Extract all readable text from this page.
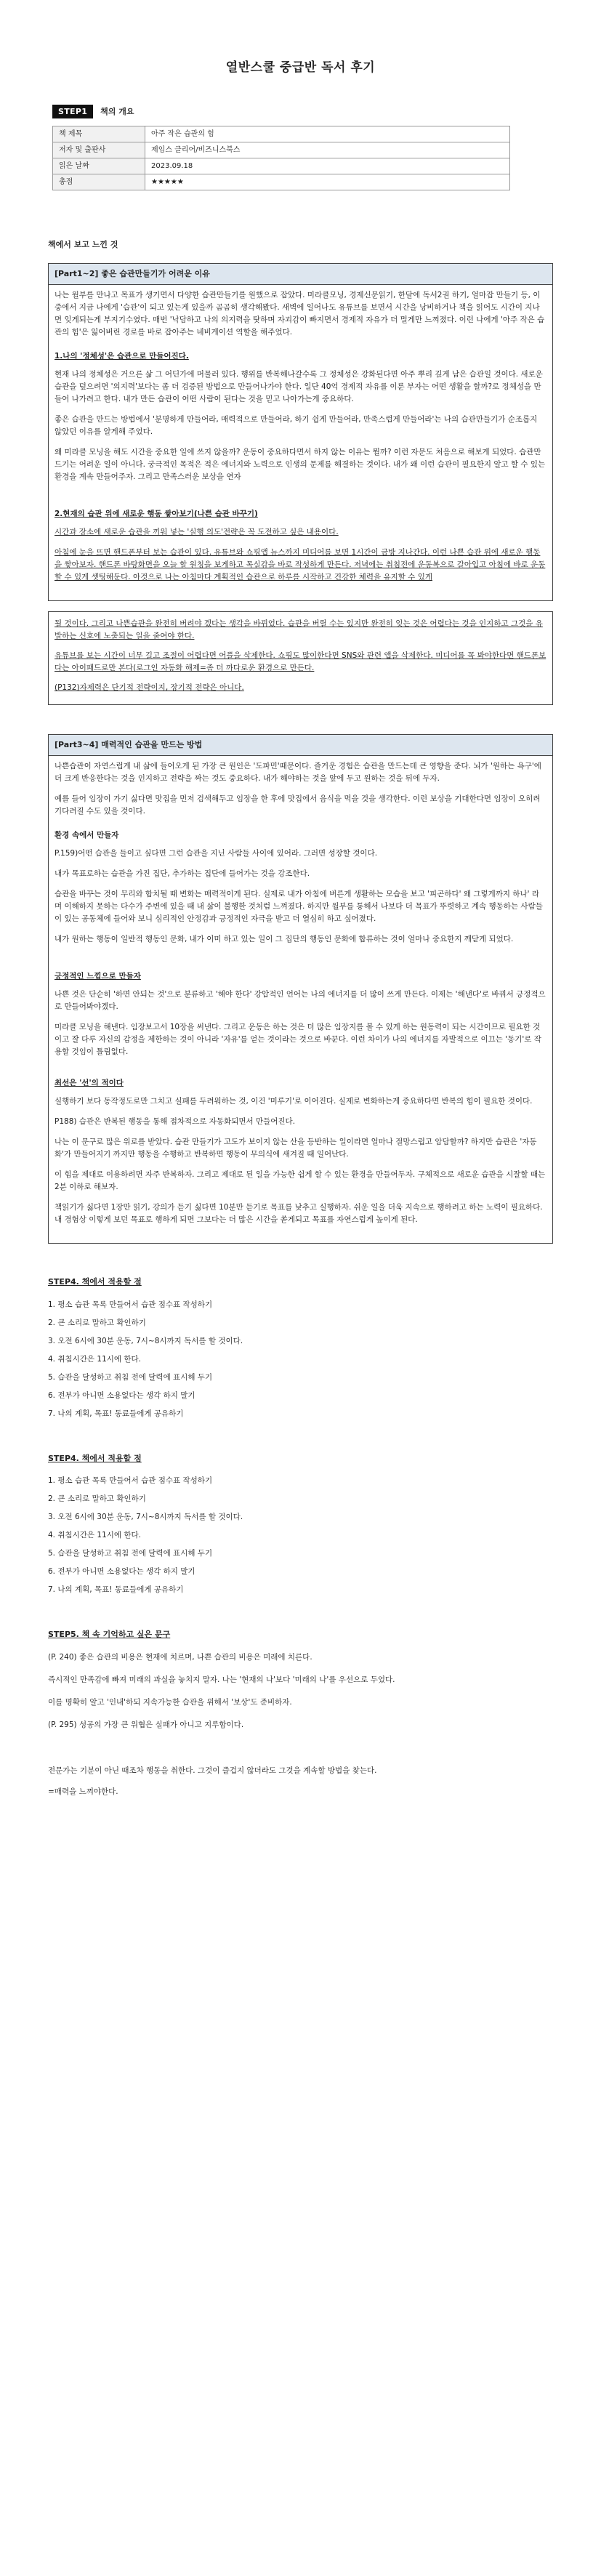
열반스쿨 중급반 독서 후기
STEP1	책의 개요
책 제목	아주 작은 습관의 힘
저자 및 출판사	제임스 클리어/비즈니스북스
읽은 날짜	2023.09.18
총점	★★★★★
책에서 보고 느낀 것
[Part1~2] 좋은 습관만들기가 어려운 이유

나는 월부를 만나고 목표가 생기면서 다양한 습관만들기를 원했으로 잡았다. 미라클모닝, 경제신문읽기, 한달에 독서2권 하기, 얼마잡 만들기 등, 이중에서 지금 나에게 '습관'이 되고 있는게 있을까 곰곰히 생각해봤다. 새벽에 일어나도 유튜브를 보면서 시간을 낭비하거나 책을 읽어도 시간이 지나면 잊게되는게 부지기수였다. 매번 '낙담하고 나의 의지력을 탓하며 자괴감이 빠지면서 경제적 자유가 더 멀게만 느껴졌다. 이런 나에게 '아주 작은 습관의 힘'은 잃어버린 경로를 바로 잡아주는 네비게이션 역할을 해주었다.

1.나의 '정체성'은 습관으로 만들어진다.

현재 나의 정체성은 거으른 삶 그 어딘가에 머물러 있다. 행위를 반복해나갈수록 그 정체성은 강화된다면 아주 뿌리 깊게 남은 습관일 것이다. 새로운 습관을 덮으려면 '의지력'보다는 좀 더 검증된 방법으로 만들어나가야 한다. 일단 40억 경제적 자유를 이룬 부자는 어떤 생활을 할까?로 정체성을 만들어 나가려고 한다. 내가 만든 습관이 어떤 사람이 된다는 것을 믿고 나아가는게 중요하다.

좋은 습관을 만드는 방법에서 '분명하게 만들어라, 매력적으로 만들어라, 하기 쉽게 만들어라, 만족스럽게 만들어라'는 나의 습관만들기가 순조롭지 않았던 이유를 알게해 주었다.

왜 미라클 모닝을 해도 시간을 중요한 일에 쓰지 않을까? 운동이 중요하다면서 하지 않는 이유는 뭘까? 이런 자문도 처음으로 해보게 되었다. 습관만드기는 어려운 일이 아니다. 궁극적인 목적은 적은 에너지와 노력으로 인생의 문제를 해결하는 것이다. 내가 왜 이런 습관이 필요한지 알고 할 수 있는 환경을 계속 만들어주자. 그리고 만족스러운 보상을 연자

2.현재의 습관 위에 새로운 행동 쌓아보기(나쁜 습관 바꾸기)

시간과 장소에 새로운 습관을 끼워 넣는 '실행 의도'전략은 꼭 도전하고 싶은 내용이다.

아침에 눈을 뜨면 핸드폰부터 보는 습관이 있다. 유튜브와 쇼핑앱 뉴스까지 미디어를 보면 1시간이 금방 지나간다. 이런 나쁜 습관 위에 새로운 행동을 쌓아보자. 핸드폰 바탕화면을 오늘 할 원칭을 보게하고 목실감을 바로 작성하게 만든다. 저녁에는 취침전에 운동복으로 갈아입고 아침에 바로 운동 할 수 있게 셋팅해둔다. 아것으로 나는 아침마다 계획적인 습관으로 하루를 시작하고 건강한 체력을 유지할 수 있게

될 것이다. 그리고 나쁜습관을 완전히 버려야 겠다는 생각을 바뀌었다. 습관을 버릴 수는 있지만 완전히 잊는 것은 어렵다는 것을 인지하고 그것을 유발하는 신호에 노출되는 일을 줄여야 한다.

유튜브를 보는 시간이 너무 길고 조절이 어렵다면 어플을 삭제한다. 쇼핑도 많이한다면 SNS와 관련 앱을 삭제한다. 미디어를 꼭 봐야한다면 핸드폰보다는 아이패드로만 본다(로그인 자동화 해제=좀 더 까다로운 환경으로 만든다.

(P132)자제력은 단기적 전략이지, 장기적 전략은 아니다.

[Part3~4] 매력적인 습관을 만드는 방법

나쁜습관이 자연스럽게 내 삶에 들어오게 된 가장 큰 원인은 '도파민'때문이다. 즐거운 경험은 습관을 만드는데 큰 영향을 준다. 뇌가 '원하는 욕구'에 더 크게 반응한다는 것을 인지하고 전략을 짜는 것도 중요하다. 내가 해야하는 것을 앞에 두고 원하는 것을 뒤에 두자.

예를 들어 임장이 가기 싫다면 맛집을 먼저 검색해두고 임장을 한 후에 맛집에서 음식을 먹을 것을 생각한다. 이런 보상을 기대한다면 임장이 오히려 기다려질 수도 있을 것이다.

환경 속에서 만들자

P.159)어떤 습관을 들이고 싶다면 그런 습관을 지닌 사람들 사이에 있어라. 그러면 성장할 것이다.

내가 목표로하는 습관을 가진 집단, 추가하는 집단에 들어가는 것을 강조한다.

습관을 바꾸는 것이 무리와 합치될 때 변화는 매력적이게 된다. 실제로 내가 아침에 버른게 생활하는 모습을 보고 '피곤하다' 왜 그렇게까지 하나' 라며 이해하지 못하는 다수가 주변에 있을 때 내 삶이 불행한 것처럼 느껴졌다. 하지만 월부를 통해서 나보다 더 목표가 뚜렷하고 계속 행동하는 사람들이 있는 공동체에 들어와 보니 심리적인 안정감과 긍정적인 자극을 받고 더 열심히 하고 싶어졌다.

내가 원하는 행동이 일반적 행동인 문화, 내가 이미 하고 있는 일이 그 집단의 행동인 문화에 합류하는 것이 얼마나 중요한지 깨닫게 되었다.

긍정적인 느낌으로 만들자

나쁜 것은 단순히 '하면 안되는 것'으로 분류하고 '해야 한다' 강압적인 언어는 나의 에너지를 더 많이 쓰게 만든다. 이제는 '해낸다'로 바꿔서 긍정적으로 만들어봐야겠다.

미라클 모닝을 해낸다. 임장보고서 10장을 써낸다. 그리고 운동은 하는 것은 더 많은 임장지를 볼 수 있게 하는 원동력이 되는 시간이므로 필요한 것이고 잘 다루 자신의 감정을 제한하는 것이 아니라 '자유'를 얻는 것이라는 것으로 바꾼다. 이런 차이가 나의 에너지를 자발적으로 이끄는 '동기'로 작용할 것임이 틀림없다.

최선은 '선'의 적이다

실행하기 보다 동작정도로만 그치고 실패를 두려워하는 것, 이건 '미루기'로 이어진다. 실제로 변화하는게 중요하다면 반복의 힘이 필요한 것이다.

P188) 습관은 반복된 행동을 통해 점차적으로 자동화되면서 만들어진다.

나는 이 문구로 많은 위로를 받았다. 습관 만들기가 고도가 보이지 않는 산을 등반하는 일이라면 얼마나 절망스럽고 암담할까? 하지만 습관은 '자동화'가 만들어지기 까지만 행동을 수행하고 반복하면 행동이 무의식에 새겨질 때 일어난다.

이 힘을 제대로 이용하려면 자주 반복하자. 그리고 제대로 된 일을 가능한 쉽게 할 수 있는 환경을 만들어두자. 구체적으로 새로운 습관을 시잘할 때는 2분 이하로 해보자.

책읽기가 싫다면 1장만 읽기, 강의가 듣기 싫다면 10분만 듣기로 목표를 낮추고 실행하자. 쉬운 일을 더욱 지속으로 행하려고 하는 노력이 필요하다. 내 경험상 이렇게 보던 목표로 행하게 되면 그보다는 더 많은 시간을 쏟게되고 목표를 자연스럽게 높이게 된다.

STEP4. 책에서 적용할 점
1. 평소 습관 목록 만들어서 습관 점수표 작성하기
2. 큰 소리로 말하고 확인하기
3. 오전 6시에 30분 운동, 7시~8시까지 독서를 할 것이다.
4. 취침시간은 11시에 한다.
5. 습관을 달성하고 취침 전에 달력에 표시해 두기
6. 전부가 아니면 소용없다는 생각 하지 말기
7. 나의 계획, 목표! 동료들에게 공유하기
STEP4. 책에서 적용할 점
1. 평소 습관 목록 만들어서 습관 점수표 작성하기
2. 큰 소리로 말하고 확인하기
3. 오전 6시에 30분 운동, 7시~8시까지 독서를 할 것이다.
4. 취침시간은 11시에 한다.
5. 습관을 달성하고 취침 전에 달력에 표시해 두기
6. 전부가 아니면 소용없다는 생각 하지 말기
7. 나의 계획, 목표! 동료들에게 공유하기
STEP5. 책 속 기억하고 싶은 문구

(P. 240) 좋은 습관의 비용은 현재에 치르며, 나쁜 습관의 비용은 미래에 치른다.

즉시적인 만족감에 빠져 미래의 과실을 놓치지 말자. 나는 '현재의 나'보다 '미래의 나'를 우선으로 두었다.

이를 명확히 알고 '인내'하되 지속가능한 습관을 위해서 '보상'도 준비하자.

(P. 295) 성공의 가장 큰 위협은 실패가 아니고 지루함이다.

전문가는 기분이 아닌 때조차 행동을 취한다. 그것이 즐겁지 않더라도 그것을 계속할 방법을 찾는다.

=매력을 느껴야한다.
